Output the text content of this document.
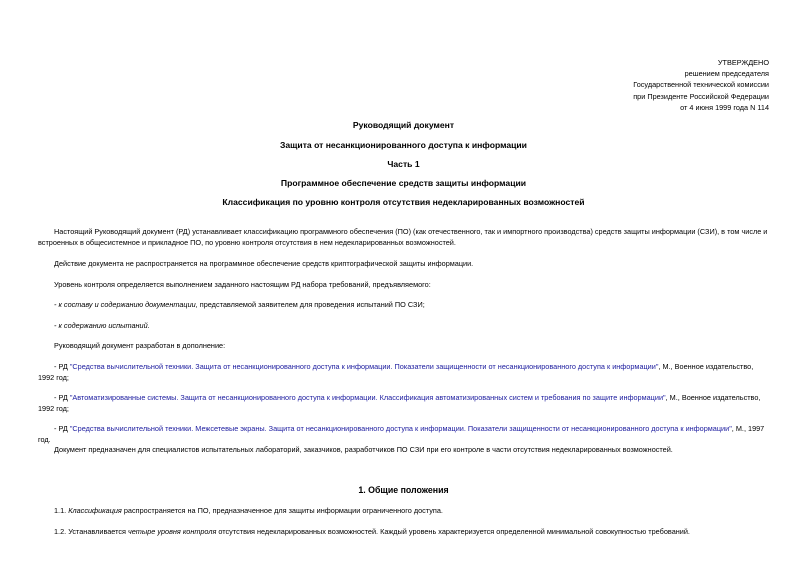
УТВЕРЖДЕНО
решением председателя
Государственной технической комиссии
при Президенте Российской Федерации
от 4 июня 1999 года N 114
Руководящий документ
Защита от несанкционированного доступа к информации
Часть 1
Программное обеспечение средств защиты информации
Классификация по уровню контроля отсутствия недекларированных возможностей
Настоящий Руководящий документ (РД) устанавливает классификацию программного обеспечения (ПО) (как отечественного, так и импортного производства) средств защиты информации (СЗИ), в том числе и встроенных в общесистемное и прикладное ПО, по уровню контроля отсутствия в нем недекларированных возможностей.
Действие документа не распространяется на программное обеспечение средств криптографической защиты информации.
Уровень контроля определяется выполнением заданного настоящим РД набора требований, предъявляемого:
- к составу и содержанию документации, представляемой заявителем для проведения испытаний ПО СЗИ;
- к содержанию испытаний.
Руководящий документ разработан в дополнение:
- РД "Средства вычислительной техники. Защита от несанкционированного доступа к информации. Показатели защищенности от несанкционированного доступа к информации", М., Военное издательство, 1992 год;
- РД "Автоматизированные системы. Защита от несанкционированного доступа к информации. Классификация автоматизированных систем и требования по защите информации", М., Военное издательство, 1992 год;
- РД "Средства вычислительной техники. Межсетевые экраны. Защита от несанкционированного доступа к информации. Показатели защищенности от несанкционированного доступа к информации", М., 1997 год.
Документ предназначен для специалистов испытательных лабораторий, заказчиков, разработчиков ПО СЗИ при его контроле в части отсутствия недекларированных возможностей.
1. Общие положения
1.1. Классификация распространяется на ПО, предназначенное для защиты информации ограниченного доступа.
1.2. Устанавливается четыре уровня контроля отсутствия недекларированных возможностей. Каждый уровень характеризуется определенной минимальной совокупностью требований.
